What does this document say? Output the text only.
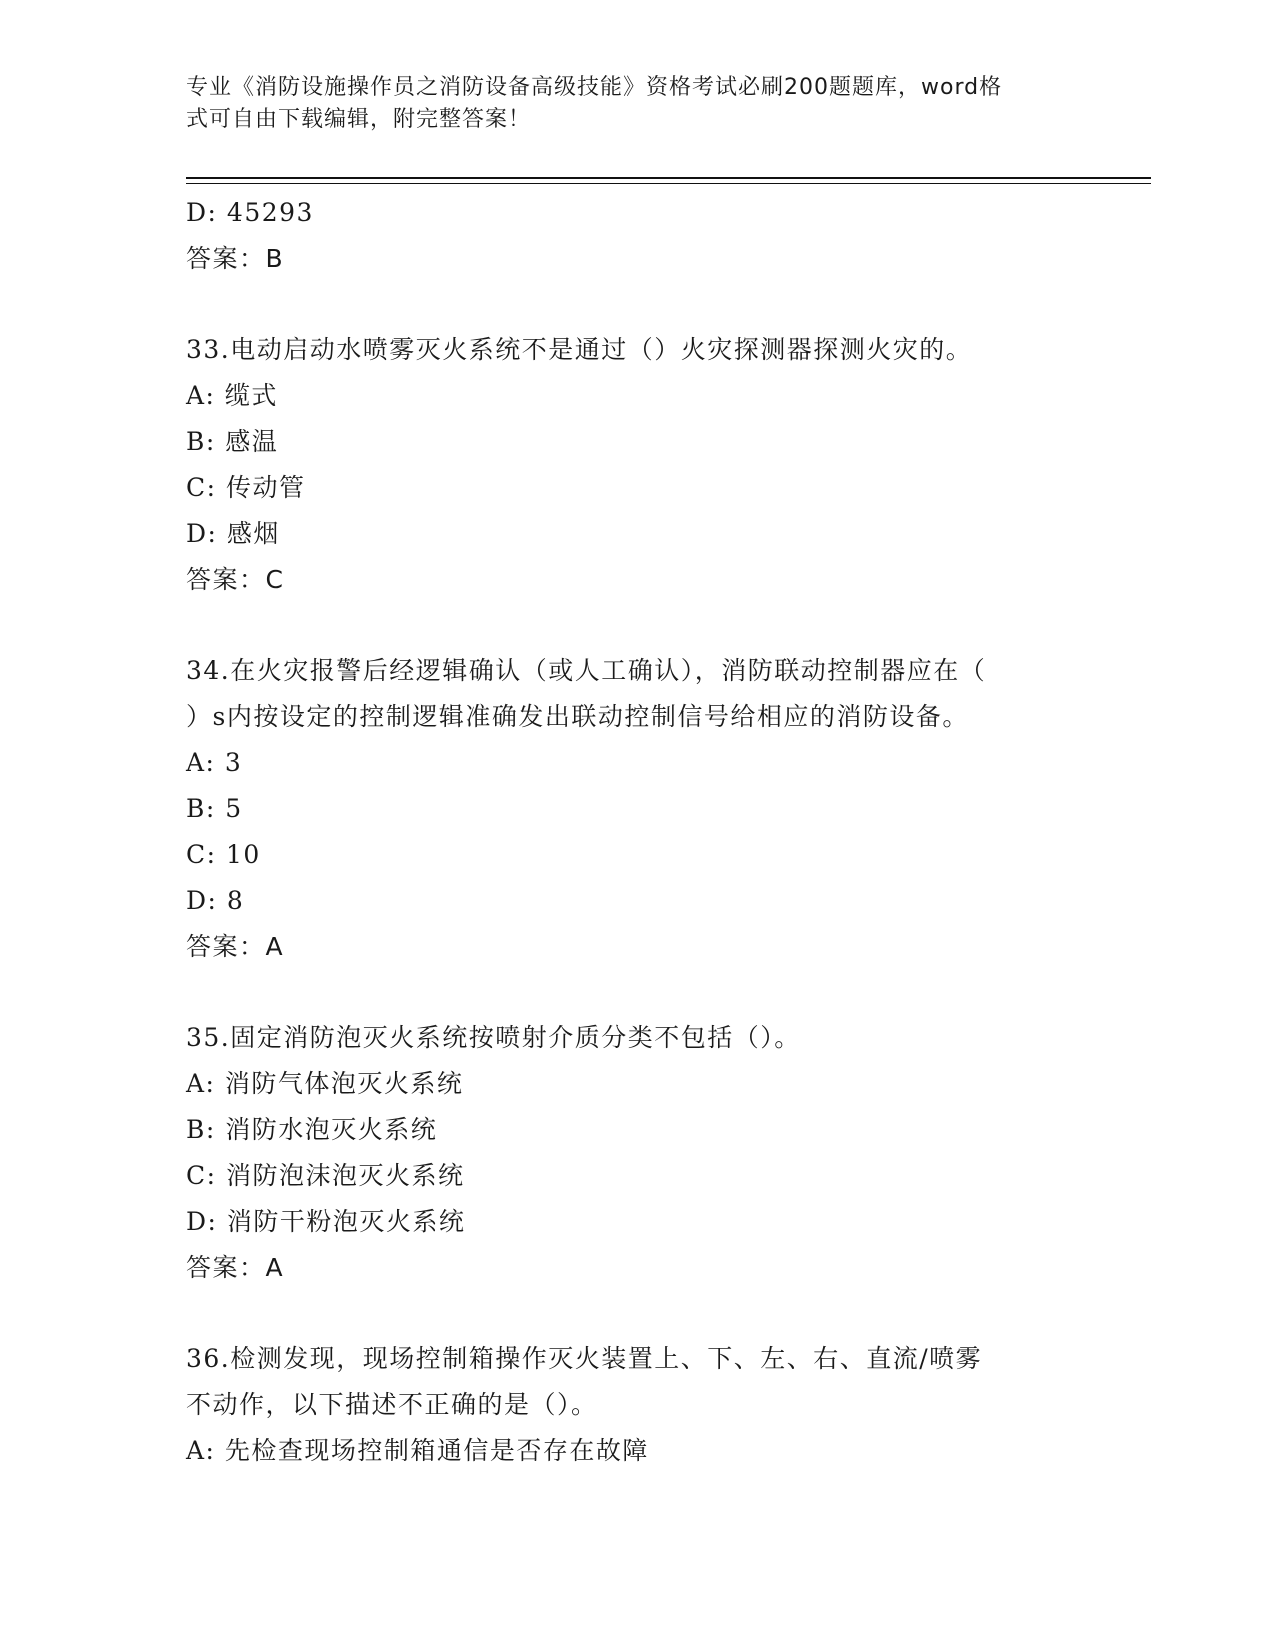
专业《消防设施操作员之消防设备高级技能》资格考试必刷200题题库，word格
式可自由下载编辑，附完整答案！
D: 45293
答案：B
33.电动启动水喷雾灭火系统不是通过（）火灾探测器探测火灾的。
A: 缆式
B: 感温
C: 传动管
D: 感烟
答案：C
34.在火灾报警后经逻辑确认（或人工确认），消防联动控制器应在（
）s内按设定的控制逻辑准确发出联动控制信号给相应的消防设备。
A: 3
B: 5
C: 10
D: 8
答案：A
35.固定消防泡灭火系统按喷射介质分类不包括（）。
A: 消防气体泡灭火系统
B: 消防水泡灭火系统
C: 消防泡沫泡灭火系统
D: 消防干粉泡灭火系统
答案：A
36.检测发现，现场控制箱操作灭火装置上、下、左、右、直流/喷雾
不动作，以下描述不正确的是（）。
A: 先检查现场控制箱通信是否存在故障
